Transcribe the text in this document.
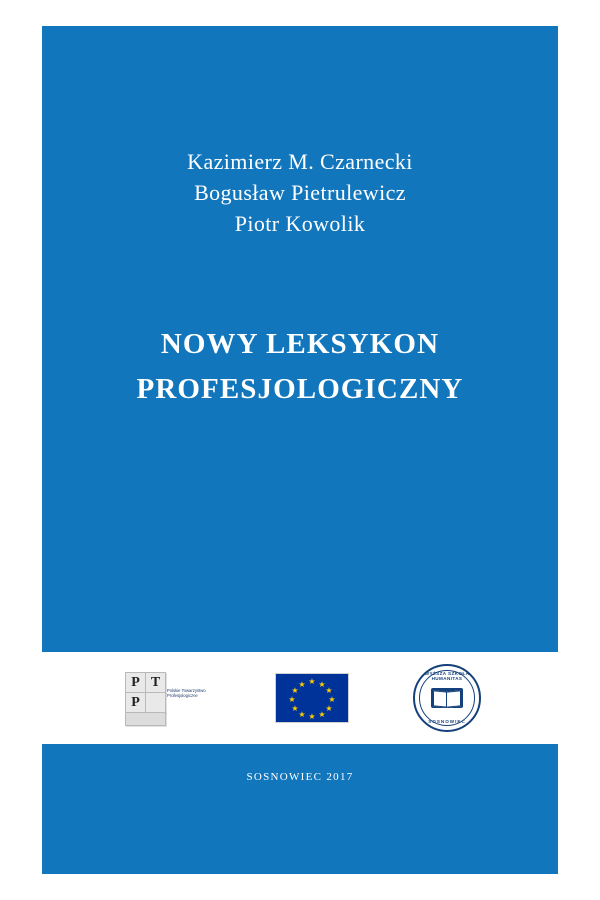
Kazimierz M. Czarnecki
Bogusław Pietrulewicz
Piotr Kowolik
NOWY LEKSYKON
PROFESJOLOGICZNY
P T
P
Polskie Towarzystwo Profesjologiczne
★ ★
★
★
★
★
★
★
★
★
★
★
WYŻSZA SZKOŁA HUMANITAS
SOSNOWIEC
SOSNOWIEC 2017
